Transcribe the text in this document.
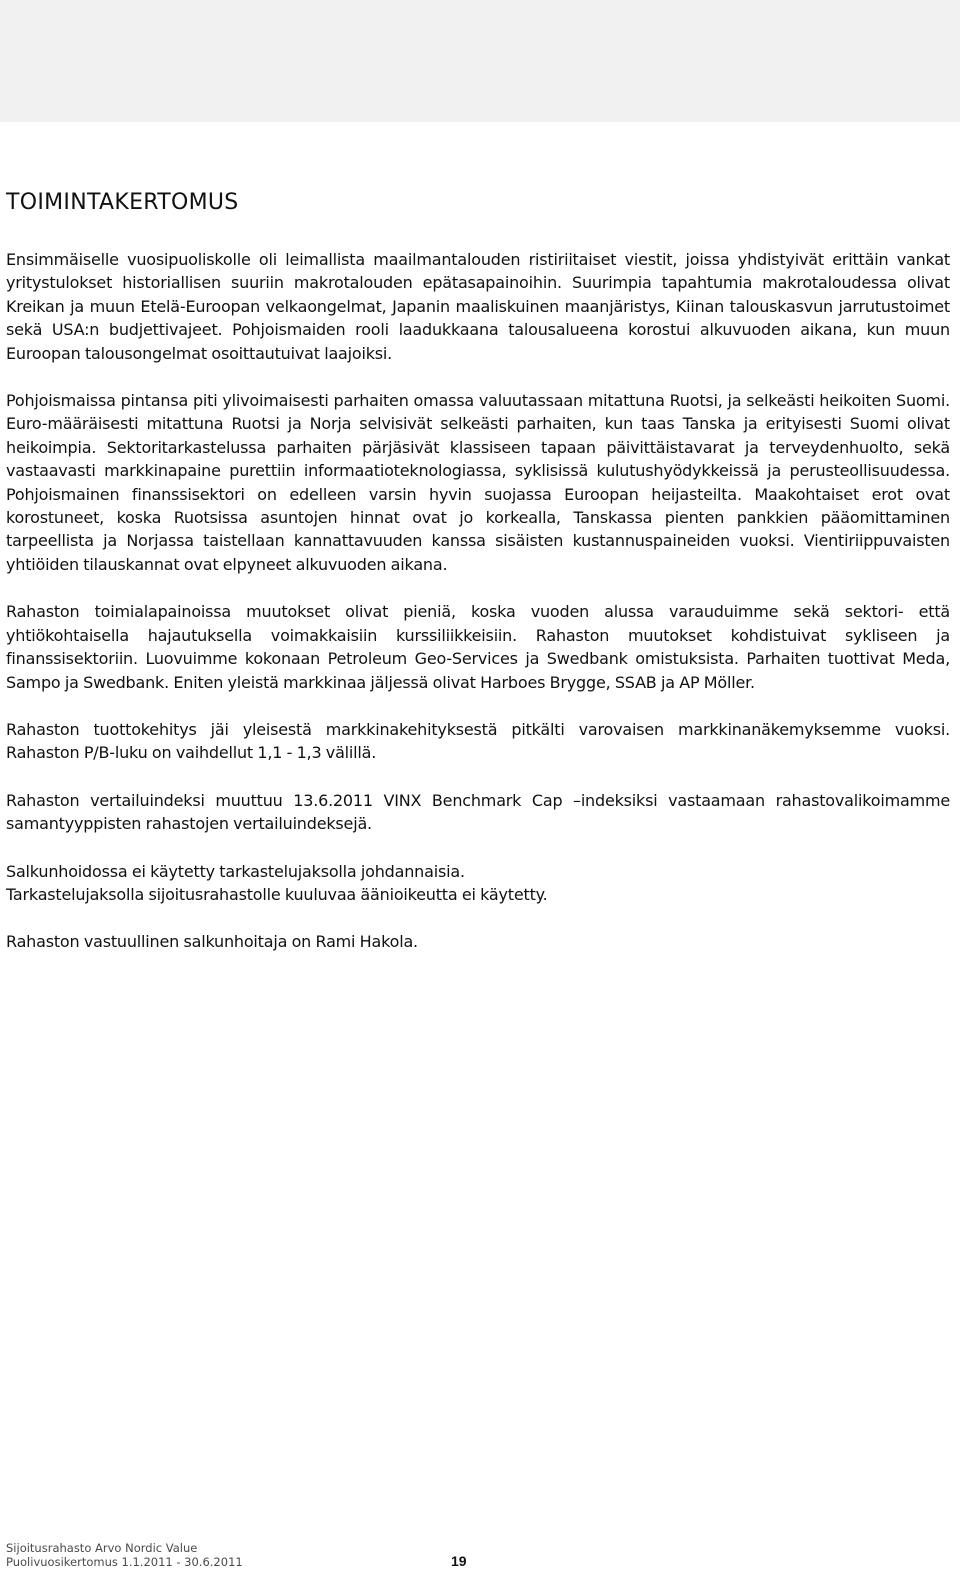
TOIMINTAKERTOMUS

Ensimmäiselle vuosipuoliskolle oli leimallista maailmantalouden ristiriitaiset viestit, joissa yhdistyivät erittäin vankat yritystulokset historiallisen suuriin makrotalouden epätasapainoihin. Suurimpia tapahtumia makrotaloudessa olivat Kreikan ja muun Etelä-Euroopan velkaongelmat, Japanin maaliskuinen maanjäristys, Kiinan talouskasvun jarrutustoimet sekä USA:n budjettivajeet. Pohjoismaiden rooli laadukkaana talousalueena korostui alkuvuoden aikana, kun muun Euroopan talousongelmat osoittautuivat laajoiksi.

Pohjoismaissa pintansa piti ylivoimaisesti parhaiten omassa valuutassaan mitattuna Ruotsi, ja selkeästi heikoiten Suomi. Euro-määräisesti mitattuna Ruotsi ja Norja selvisivät selkeästi parhaiten, kun taas Tanska ja erityisesti Suomi olivat heikoimpia. Sektoritarkastelussa parhaiten pärjäsivät klassiseen tapaan päivittäistavarat ja terveydenhuolto, sekä vastaavasti markkinapaine purettiin informaatioteknologiassa, syklisissä kulutushyödykkeissä ja perusteollisuudessa. Pohjoismainen finanssisektori on edelleen varsin hyvin suojassa Euroopan heijasteilta. Maakohtaiset erot ovat korostuneet, koska Ruotsissa asuntojen hinnat ovat jo korkealla, Tanskassa pienten pankkien pääomittaminen tarpeellista ja Norjassa taistellaan kannattavuuden kanssa sisäisten kustannuspaineiden vuoksi. Vientiriippuvaisten yhtiöiden tilauskannat ovat elpyneet alkuvuoden aikana.

Rahaston toimialapainoissa muutokset olivat pieniä, koska vuoden alussa varauduimme sekä sektori- että yhtiökohtaisella hajautuksella voimakkaisiin kurssiliikkeisiin. Rahaston muutokset kohdistuivat sykliseen ja finanssisektoriin. Luovuimme kokonaan Petroleum Geo-Services ja Swedbank omistuksista. Parhaiten tuottivat Meda, Sampo ja Swedbank. Eniten yleistä markkinaa jäljessä olivat Harboes Brygge, SSAB ja AP Möller.

Rahaston tuottokehitys jäi yleisestä markkinakehityksestä pitkälti varovaisen markkinanäkemyksemme vuoksi. Rahaston P/B-luku on vaihdellut 1,1 - 1,3 välillä.

Rahaston vertailuindeksi muuttuu 13.6.2011 VINX Benchmark Cap –indeksiksi vastaamaan rahastovalikoimamme samantyyppisten rahastojen vertailuindeksejä.

Salkunhoidossa ei käytetty tarkastelujaksolla johdannaisia.

Tarkastelujaksolla sijoitusrahastolle kuuluvaa äänioikeutta ei käytetty.

Rahaston vastuullinen salkunhoitaja on Rami Hakola.

Sijoitusrahasto Arvo Nordic Value
Puolivuosikertomus 1.1.2011 - 30.6.2011	19
